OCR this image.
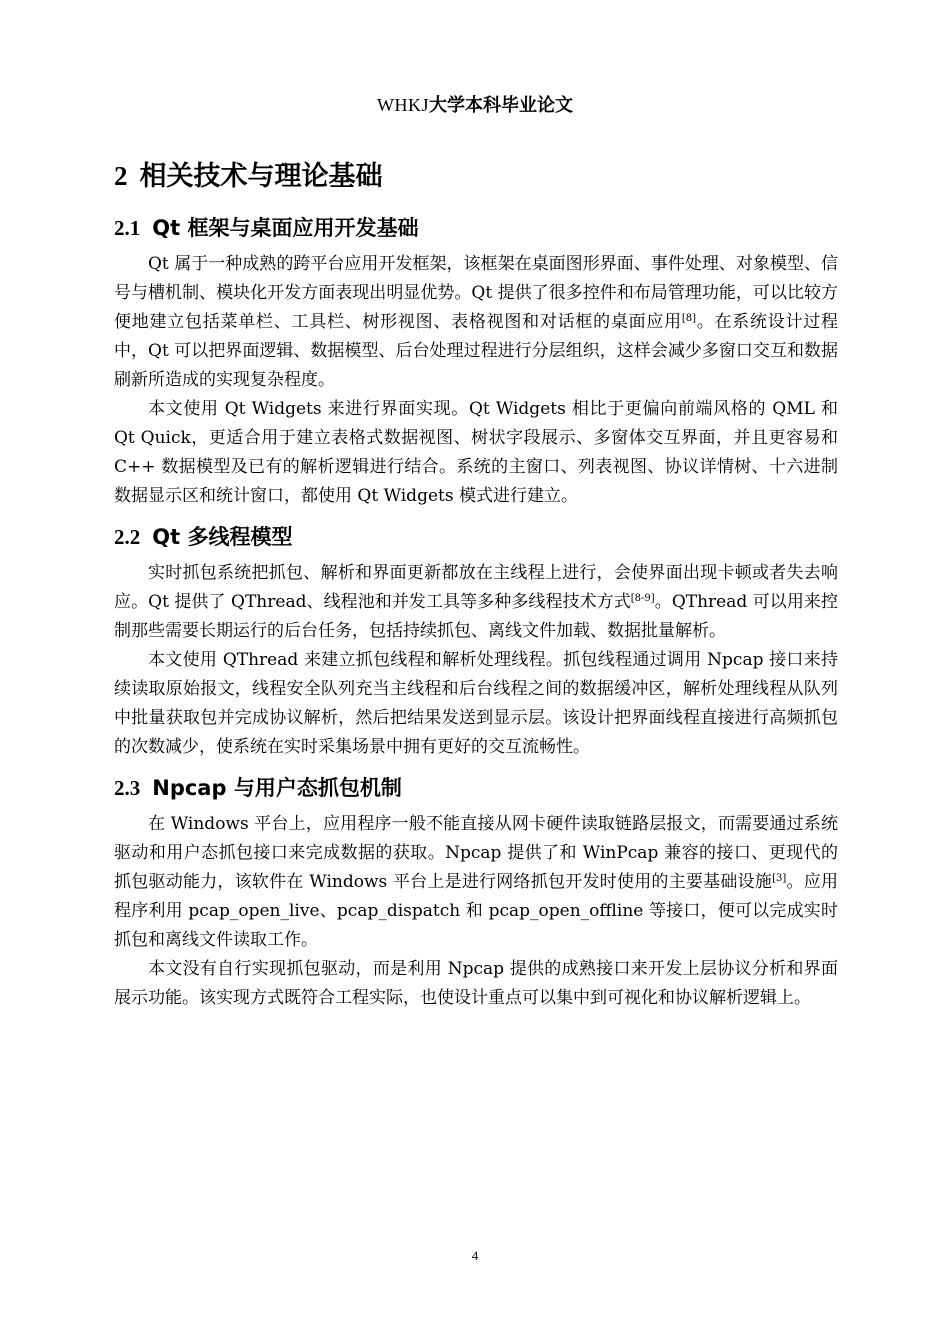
WHKJ大学本科毕业论文
2 相关技术与理论基础
2.1 Qt 框架与桌面应用开发基础

Qt 属于一种成熟的跨平台应用开发框架，该框架在桌面图形界面、事件处理、对象模型、信号与槽机制、模块化开发方面表现出明显优势。Qt 提供了很多控件和布局管理功能，可以比较方便地建立包括菜单栏、工具栏、树形视图、表格视图和对话框的桌面应用[8]。在系统设计过程中，Qt 可以把界面逻辑、数据模型、后台处理过程进行分层组织，这样会减少多窗口交互和数据刷新所造成的实现复杂程度。

本文使用 Qt Widgets 来进行界面实现。Qt Widgets 相比于更偏向前端风格的 QML 和 Qt Quick，更适合用于建立表格式数据视图、树状字段展示、多窗体交互界面，并且更容易和 C++ 数据模型及已有的解析逻辑进行结合。系统的主窗口、列表视图、协议详情树、十六进制数据显示区和统计窗口，都使用 Qt Widgets 模式进行建立。

2.2 Qt 多线程模型

实时抓包系统把抓包、解析和界面更新都放在主线程上进行，会使界面出现卡顿或者失去响应。Qt 提供了 QThread、线程池和并发工具等多种多线程技术方式[8-9]。QThread 可以用来控制那些需要长期运行的后台任务，包括持续抓包、离线文件加载、数据批量解析。

本文使用 QThread 来建立抓包线程和解析处理线程。抓包线程通过调用 Npcap 接口来持续读取原始报文，线程安全队列充当主线程和后台线程之间的数据缓冲区，解析处理线程从队列中批量获取包并完成协议解析，然后把结果发送到显示层。该设计把界面线程直接进行高频抓包的次数减少，使系统在实时采集场景中拥有更好的交互流畅性。

2.3 Npcap 与用户态抓包机制

在 Windows 平台上，应用程序一般不能直接从网卡硬件读取链路层报文，而需要通过系统驱动和用户态抓包接口来完成数据的获取。Npcap 提供了和 WinPcap 兼容的接口、更现代的抓包驱动能力，该软件在 Windows 平台上是进行网络抓包开发时使用的主要基础设施[3]。应用程序利用 pcap_open_live、pcap_dispatch 和 pcap_open_offline 等接口，便可以完成实时抓包和离线文件读取工作。

本文没有自行实现抓包驱动，而是利用 Npcap 提供的成熟接口来开发上层协议分析和界面展示功能。该实现方式既符合工程实际，也使设计重点可以集中到可视化和协议解析逻辑上。

4
